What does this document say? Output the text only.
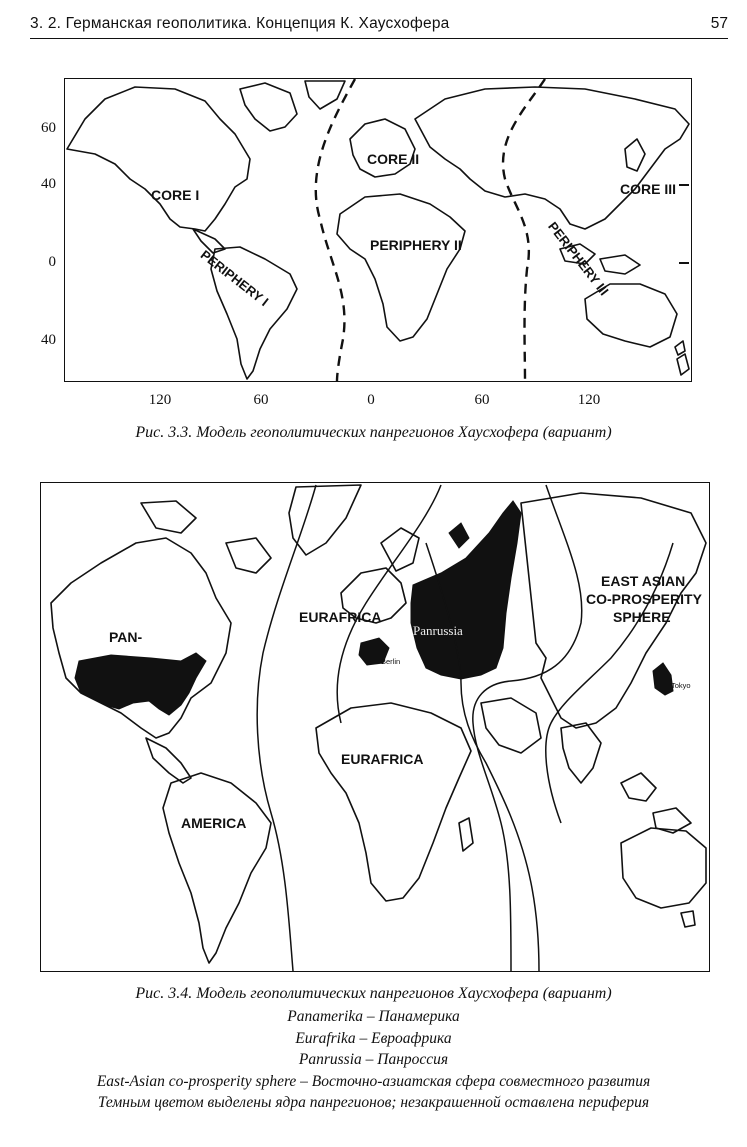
3. 2. Германская геополитика. Концепция К. Хаусхофера	57
CORE I
PERIPHERY I
CORE II
PERIPHERY II
CORE III
PERIPHERY III
60
40
0
40
120	60	0	60	120
Рис. 3.3. Модель геополитических панрегионов Хаусхофера (вариант)
PAN-
AMERICA
EURAFRICA
EURAFRICA
Panrussia
Berlin
Tokyo
EAST ASIAN
CO-PROSPERITY
SPHERE
Рис. 3.4. Модель геополитических панрегионов Хаусхофера (вариант)
Panamerika – Панамерика
Eurafrika – Евроафрика
Panrussia – Панроссия
East-Asian co-prosperity sphere – Восточно-азиатская сфера совместного развития
Темным цветом выделены ядра панрегионов; незакрашенной оставлена периферия
